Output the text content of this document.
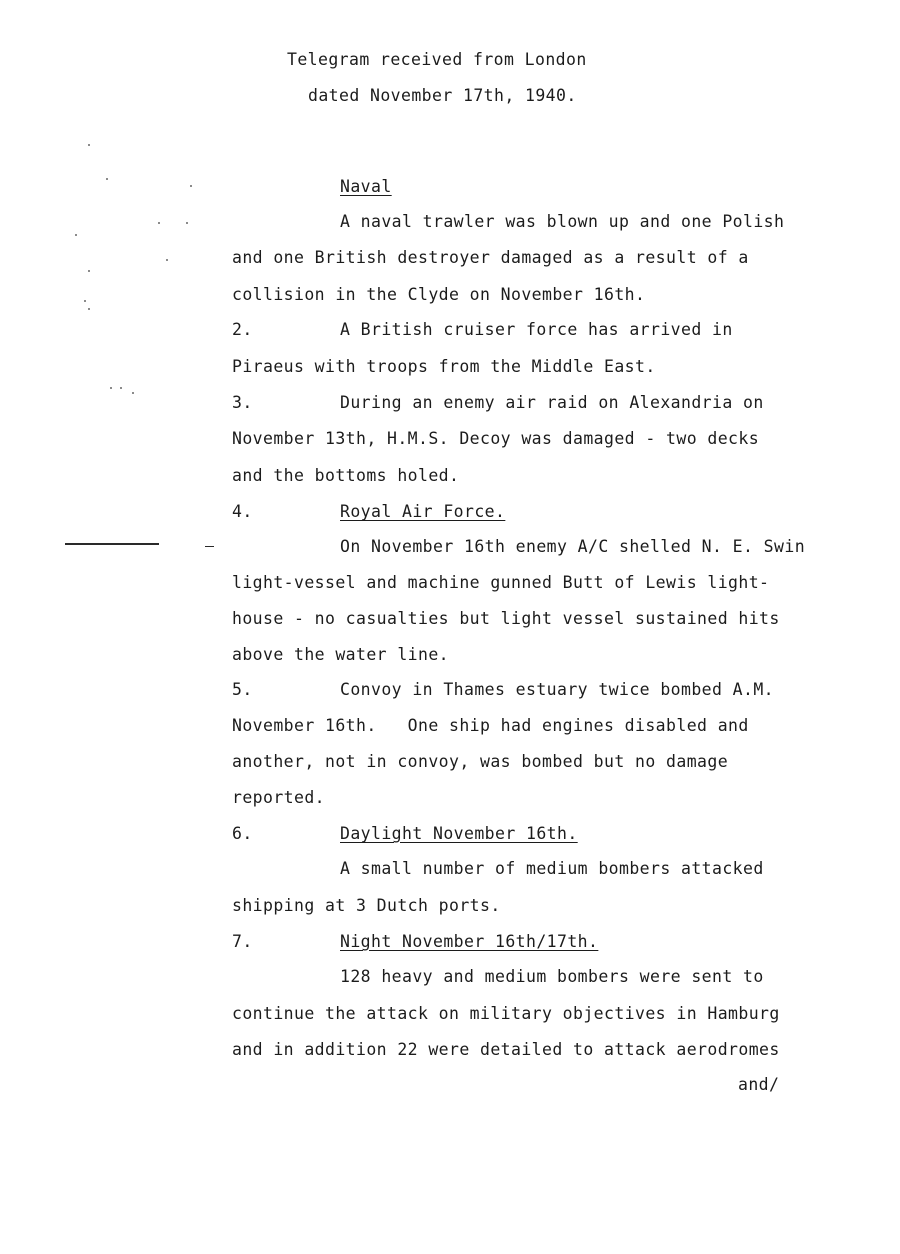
Telegram received from London
dated November 17th, 1940.
Naval
A naval trawler was blown up and one Polish
and one British destroyer damaged as a result of a
collision in the Clyde on November 16th.
2.	A British cruiser force has arrived in
Piraeus with troops from the Middle East.
3.	During an enemy air raid on Alexandria on
November 13th, H.M.S. Decoy was damaged - two decks
and the bottoms holed.
4.	Royal Air Force.
On November 16th enemy A/C shelled N. E. Swin
light-vessel and machine gunned Butt of Lewis light-
house - no casualties but light vessel sustained hits
above the water line.
5.	Convoy in Thames estuary twice bombed A.M.
November 16th.   One ship had engines disabled and
another, not in convoy, was bombed but no damage
reported.
6.	Daylight November 16th.
A small number of medium bombers attacked
shipping at 3 Dutch ports.
7.	Night November 16th/17th.
128 heavy and medium bombers were sent to
continue the attack on military objectives in Hamburg
and in addition 22 were detailed to attack aerodromes
and/
